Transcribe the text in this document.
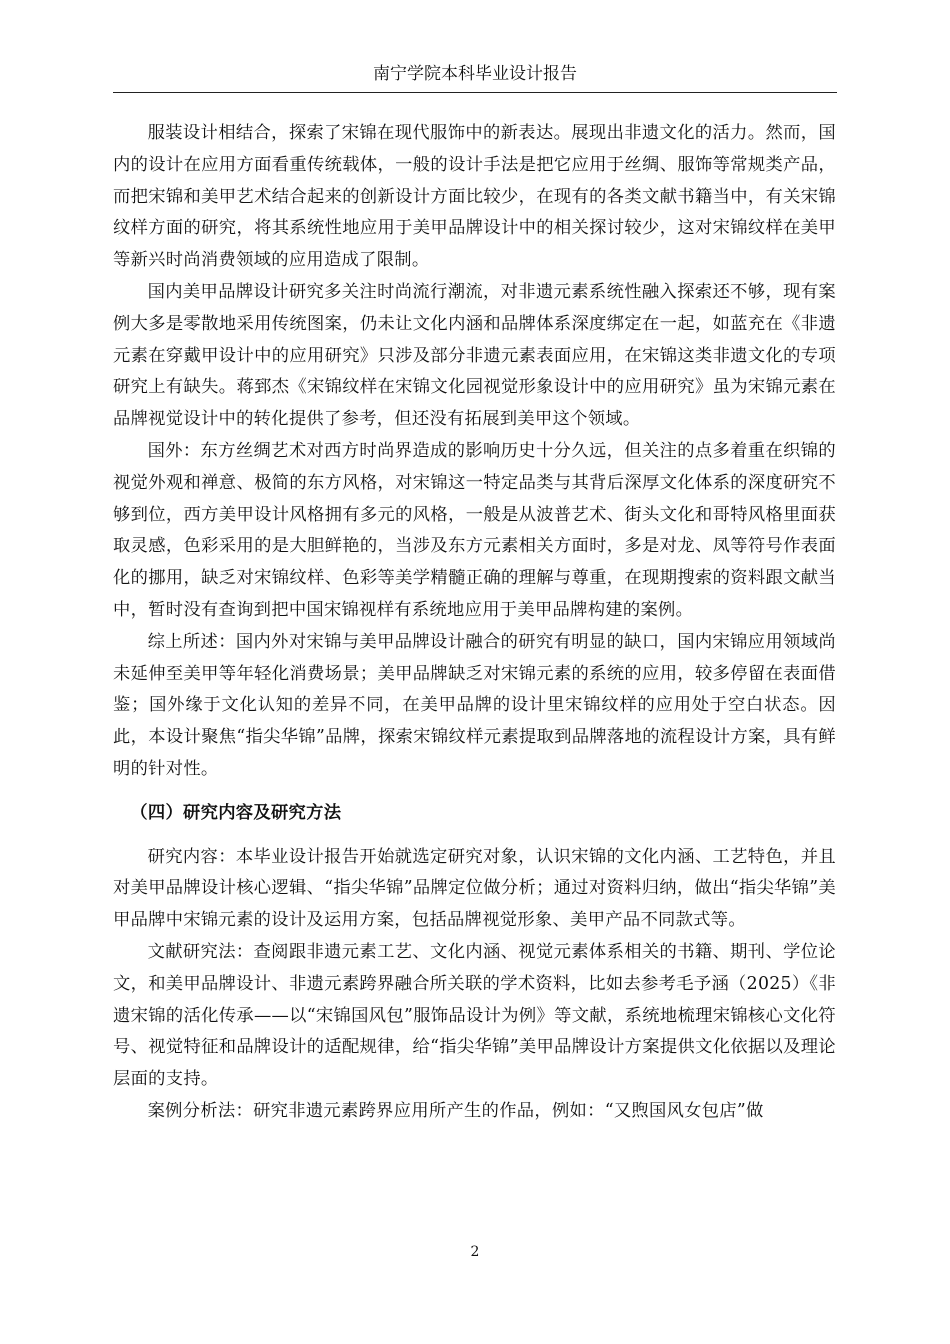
南宁学院本科毕业设计报告

服装设计相结合，探索了宋锦在现代服饰中的新表达。展现出非遗文化的活力。然而，国内的设计在应用方面看重传统载体，一般的设计手法是把它应用于丝绸、服饰等常规类产品，而把宋锦和美甲艺术结合起来的创新设计方面比较少，在现有的各类文献书籍当中，有关宋锦纹样方面的研究，将其系统性地应用于美甲品牌设计中的相关探讨较少，这对宋锦纹样在美甲等新兴时尚消费领域的应用造成了限制。

国内美甲品牌设计研究多关注时尚流行潮流，对非遗元素系统性融入探索还不够，现有案例大多是零散地采用传统图案，仍未让文化内涵和品牌体系深度绑定在一起，如蓝充在《非遗元素在穿戴甲设计中的应用研究》只涉及部分非遗元素表面应用，在宋锦这类非遗文化的专项研究上有缺失。蒋郅杰《宋锦纹样在宋锦文化园视觉形象设计中的应用研究》虽为宋锦元素在品牌视觉设计中的转化提供了参考，但还没有拓展到美甲这个领域。

国外：东方丝绸艺术对西方时尚界造成的影响历史十分久远，但关注的点多着重在织锦的视觉外观和禅意、极简的东方风格，对宋锦这一特定品类与其背后深厚文化体系的深度研究不够到位，西方美甲设计风格拥有多元的风格，一般是从波普艺术、街头文化和哥特风格里面获取灵感，色彩采用的是大胆鲜艳的，当涉及东方元素相关方面时，多是对龙、凤等符号作表面化的挪用，缺乏对宋锦纹样、色彩等美学精髓正确的理解与尊重，在现期搜索的资料跟文献当中，暂时没有查询到把中国宋锦视样有系统地应用于美甲品牌构建的案例。

综上所述：国内外对宋锦与美甲品牌设计融合的研究有明显的缺口，国内宋锦应用领域尚未延伸至美甲等年轻化消费场景；美甲品牌缺乏对宋锦元素的系统的应用，较多停留在表面借鉴；国外缘于文化认知的差异不同，在美甲品牌的设计里宋锦纹样的应用处于空白状态。因此，本设计聚焦“指尖华锦”品牌，探索宋锦纹样元素提取到品牌落地的流程设计方案，具有鲜明的针对性。

（四）研究内容及研究方法

研究内容：本毕业设计报告开始就选定研究对象，认识宋锦的文化内涵、工艺特色，并且对美甲品牌设计核心逻辑、“指尖华锦”品牌定位做分析；通过对资料归纳，做出“指尖华锦”美甲品牌中宋锦元素的设计及运用方案，包括品牌视觉形象、美甲产品不同款式等。

文献研究法：查阅跟非遗元素工艺、文化内涵、视觉元素体系相关的书籍、期刊、学位论文，和美甲品牌设计、非遗元素跨界融合所关联的学术资料，比如去参考毛予涵（2025）《非遗宋锦的活化传承——以“宋锦国风包”服饰品设计为例》等文献，系统地梳理宋锦核心文化符号、视觉特征和品牌设计的适配规律，给“指尖华锦”美甲品牌设计方案提供文化依据以及理论层面的支持。

案例分析法：研究非遗元素跨界应用所产生的作品，例如：“又煦国风女包店”做

2
